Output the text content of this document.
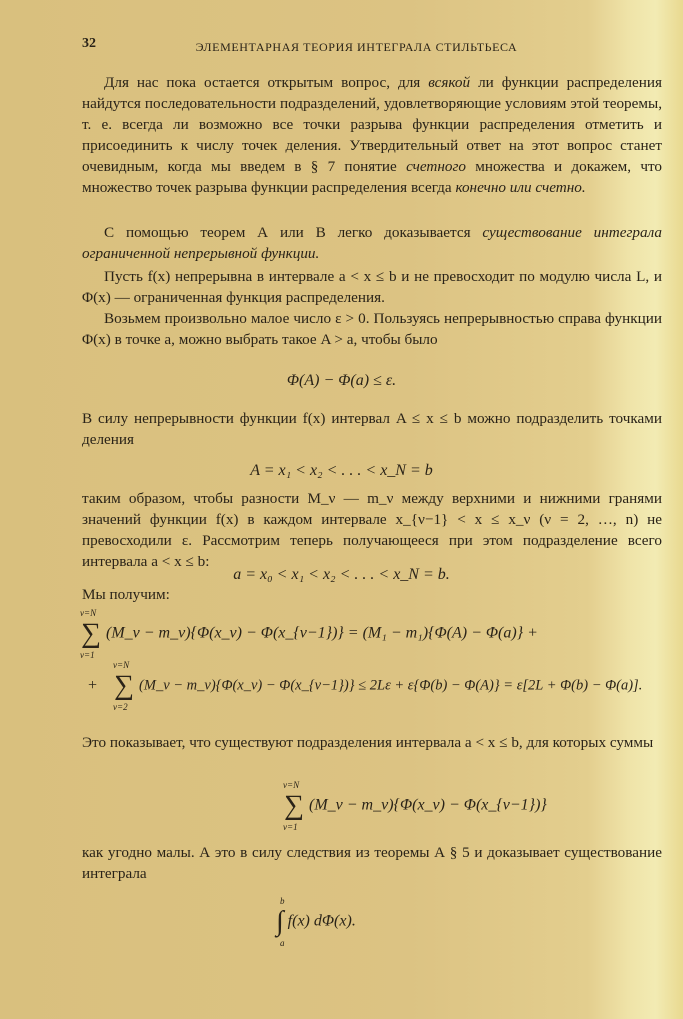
32	ЭЛЕМЕНТАРНАЯ ТЕОРИЯ ИНТЕГРАЛА СТИЛЬТЬЕСА
Для нас пока остается открытым вопрос, для всякой ли функции распределения найдутся последовательности подразделений, удовлетворяющие условиям этой теоремы, т. е. всегда ли возможно все точки разрыва функции распределения отметить и присоединить к числу точек деления. Утвердительный ответ на этот вопрос станет очевидным, когда мы введем в § 7 понятие счетного множества и докажем, что множество точек разрыва функции распределения всегда конечно или счетно.
С помощью теорем А или В легко доказывается существование интеграла ограниченной непрерывной функции.
Пусть f(x) непрерывна в интервале a < x ≤ b и не превосходит по модулю числа L, и Φ(x) — ограниченная функция распределения.
Возьмем произвольно малое число ε > 0. Пользуясь непрерывностью справа функции Φ(x) в точке a, можно выбрать такое A > a, чтобы было
Φ(A) − Φ(a) ≤ ε.
В силу непрерывности функции f(x) интервал A ≤ x ≤ b можно подразделить точками деления
A = x₁ < x₂ < . . . < x_N = b
таким образом, чтобы разности M_ν — m_ν между верхними и нижними гранями значений функции f(x) в каждом интервале x_{ν−1} < x ≤ x_ν (ν = 2, …, n) не превосходили ε. Рассмотрим теперь получающееся при этом подразделение всего интервала a < x ≤ b:
a = x₀ < x₁ < x₂ < . . . < x_N = b.
Мы получим:
ν=N
∑
ν=1
(M_ν − m_ν){Φ(x_ν) − Φ(x_{ν−1})} = (M₁ − m₁){Φ(A) − Φ(a)} +
+
ν=N
∑
ν=2
(M_ν − m_ν){Φ(x_ν) − Φ(x_{ν−1})} ≤ 2Lε + ε{Φ(b) − Φ(A)} = ε[2L + Φ(b) − Φ(a)].
Это показывает, что существуют подразделения интервала a < x ≤ b, для которых суммы
ν=N
∑
ν=1
(M_ν − m_ν){Φ(x_ν) − Φ(x_{ν−1})}
как угодно малы. А это в силу следствия из теоремы А § 5 и доказывает существование интеграла
b
∫
a
f(x) dΦ(x).
